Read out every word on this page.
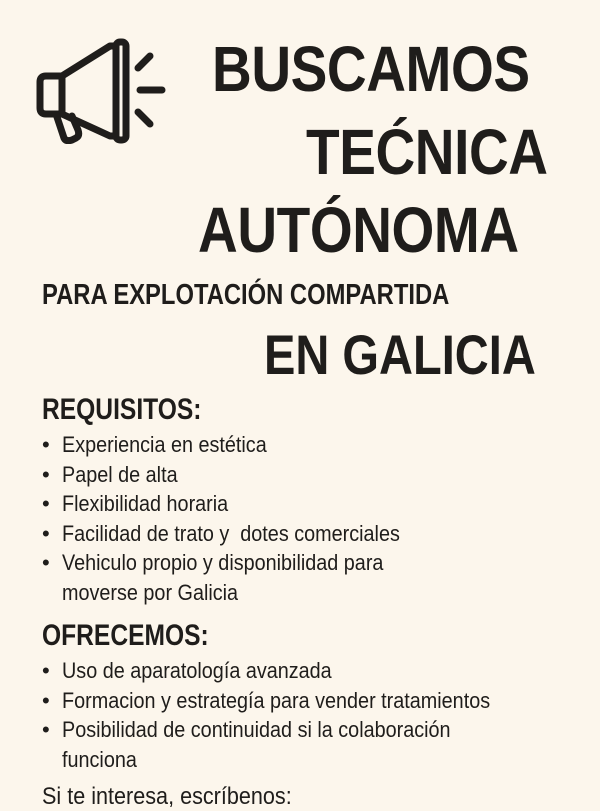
BUSCAMOS
TEĆNICA
AUTÓNOMA
PARA EXPLOTACIÓN COMPARTIDA
EN GALICIA
REQUISITOS:
• Experiencia en estética
• Papel de alta
• Flexibilidad horaria
• Facilidad de trato y  dotes comerciales
• Vehiculo propio y disponibilidad para
moverse por Galicia
OFRECEMOS:
• Uso de aparatología avanzada
• Formacion y estrategía para vender tratamientos
• Posibilidad de continuidad si la colaboración
funciona
Si te interesa, escríbenos:
